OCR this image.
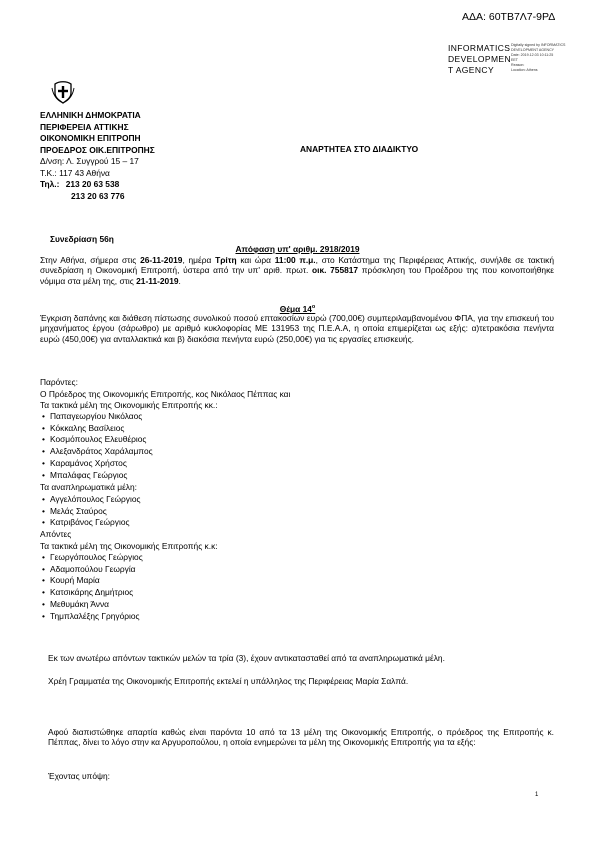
ΑΔΑ: 60ΤΒ7Λ7-9ΡΔ
INFORMATICS
DEVELOPMEN
T AGENCY
Digitally signed by INFORMATICS
DEVELOPMENT AGENCY
Date: 2019.12.03 10:11:25
EET
Reason:
Location: Athens
ΕΛΛΗΝΙΚΗ ΔΗΜΟΚΡΑΤΙΑ
ΠΕΡΙΦΕΡΕΙΑ ΑΤΤΙΚΗΣ
ΟΙΚΟΝΟΜΙΚΗ ΕΠΙΤΡΟΠΗ
ΠΡΟΕΔΡΟΣ ΟΙΚ.ΕΠΙΤΡΟΠΗΣ
Δ/νση: Λ. Συγγρού 15 – 17
Τ.Κ.: 117 43 Αθήνα
Τηλ.: 213 20 63 538
213 20 63 776
ΑΝΑΡΤΗΤΕΑ ΣΤΟ ΔΙΑΔΙΚΤΥΟ
Συνεδρίαση 56η
Απόφαση υπ' αριθμ. 2918/2019
Στην Αθήνα, σήμερα στις 26-11-2019, ημέρα Τρίτη και ώρα 11:00 π.μ., στο Κατάστημα της Περιφέρειας Αττικής, συνήλθε σε τακτική συνεδρίαση η Οικονομική Επιτροπή, ύστερα από την υπ' αριθ. πρωτ. οικ. 755817 πρόσκληση του Προέδρου της που κοινοποιήθηκε νόμιμα στα μέλη της, στις 21-11-2019.
Θέμα $14^o$
Έγκριση δαπάνης και διάθεση πίστωσης συνολικού ποσού επτακοσίων ευρώ (700,00€) συμπεριλαμβανομένου ΦΠΑ, για την επισκευή του μηχανήματος έργου (σάρωθρο) με αριθμό κυκλοφορίας ΜΕ 131953 της Π.Ε.Α.Α, η οποία επιμερίζεται ως εξής: α)τετρακόσια πενήντα ευρώ (450,00€) για ανταλλακτικά και β) διακόσια πενήντα ευρώ (250,00€) για τις εργασίες επισκευής.
Παρόντες:
Ο Πρόεδρος της Οικονομικής Επιτροπής, κος Νικόλαος Πέππας και
Τα τακτικά μέλη της Οικονομικής Επιτροπής κκ.:
• Παπαγεωργίου Νικόλαος
• Κόκκαλης Βασίλειος
• Κοσμόπουλος Ελευθέριος
• Αλεξανδράτος Χαράλαμπος
• Καραμάνος Χρήστος
• Μπαλάφας Γεώργιος
Τα αναπληρωματικά μέλη:
• Αγγελόπουλος Γεώργιος
• Μελάς Σταύρος
• Κατριβάνος Γεώργιος
Απόντες
Τα τακτικά μέλη της Οικονομικής Επιτροπής κ.κ:
• Γεωργόπουλος Γεώργιος
• Αδαμοπούλου Γεωργία
• Κουρή Μαρία
• Κατσικάρης Δημήτριος
• Μεθυμάκη Άννα
• Τημπλαλέξης Γρηγόριος
Εκ των ανωτέρω απόντων τακτικών μελών τα τρία (3), έχουν αντικατασταθεί από τα αναπληρωματικά μέλη.
Χρέη Γραμματέα της Οικονομικής Επιτροπής εκτελεί η υπάλληλος της Περιφέρειας Μαρία Σαλπά.
Αφού διαπιστώθηκε απαρτία καθώς είναι παρόντα 10 από τα 13 μέλη της Οικονομικής Επιτροπής, ο πρόεδρος της Επιτροπής κ. Πέππας, δίνει το λόγο στην κα Αργυροπούλου, η οποία ενημερώνει τα μέλη της Οικονομικής Επιτροπής για τα εξής:
Έχοντας υπόψη:
1
